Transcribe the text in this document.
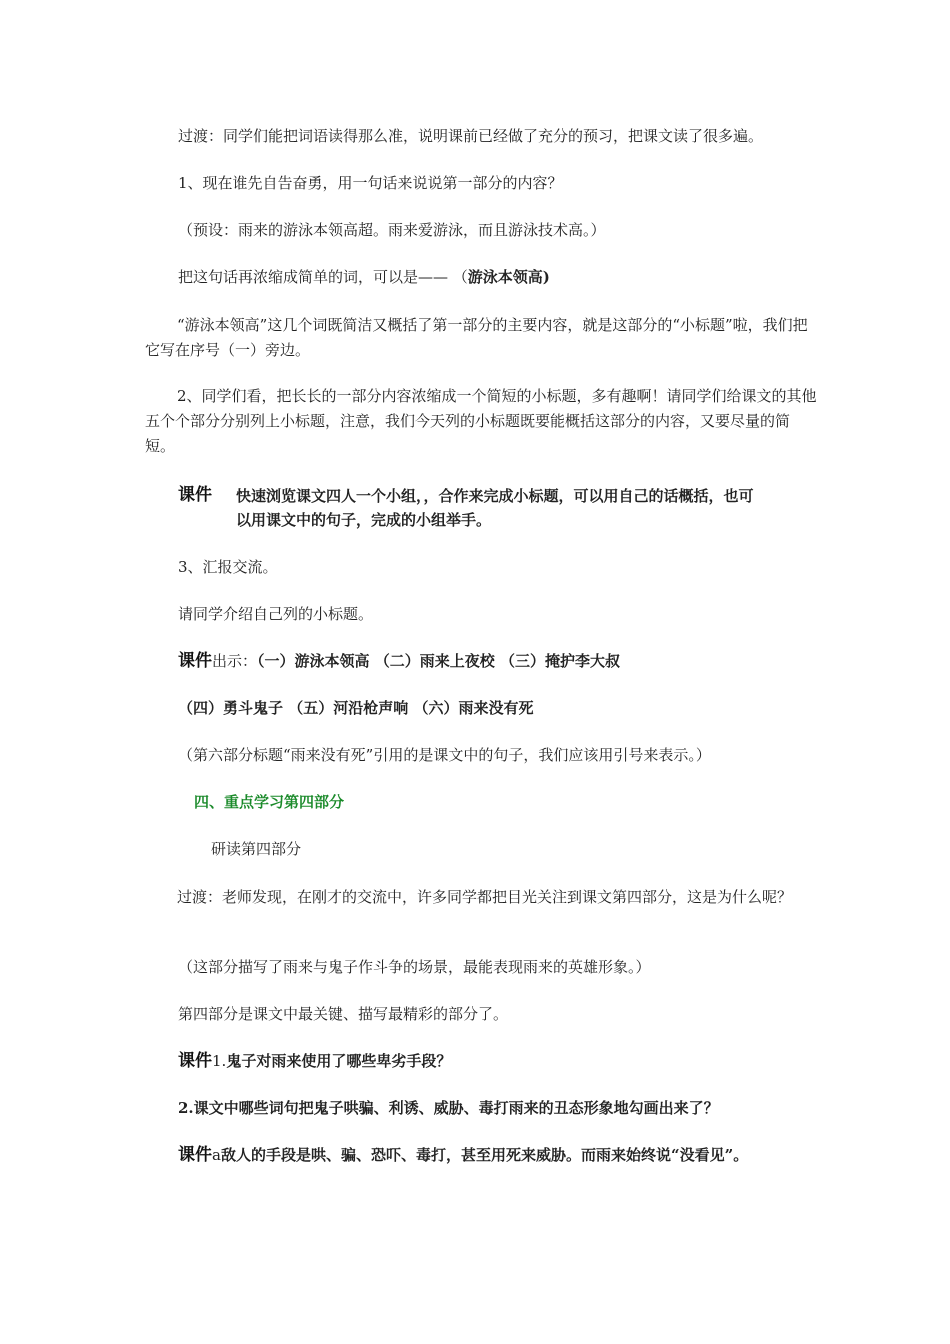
过渡：同学们能把词语读得那么准，说明课前已经做了充分的预习，把课文读了很多遍。
1、现在谁先自告奋勇，用一句话来说说第一部分的内容？
（预设：雨来的游泳本领高超。雨来爱游泳，而且游泳技术高。）
把这句话再浓缩成简单的词，可以是—— （游泳本领高)
“游泳本领高”这几个词既简洁又概括了第一部分的主要内容，就是这部分的“小标题”啦，我们把它写在序号（一）旁边。
2、同学们看，把长长的一部分内容浓缩成一个简短的小标题，多有趣啊！请同学们给课文的其他五个个部分分别列上小标题，注意，我们今天列的小标题既要能概括这部分的内容，又要尽量的简短。
课件 快速浏览课文四人一个小组，，合作来完成小标题，可以用自己的话概括，也可
以用课文中的句子，完成的小组举手。
3、汇报交流。
请同学介绍自己列的小标题。
课件出示：（一）游泳本领高 （二）雨来上夜校 （三）掩护李大叔
（四）勇斗鬼子 （五）河沿枪声响 （六）雨来没有死
（第六部分标题“雨来没有死”引用的是课文中的句子，我们应该用引号来表示。）
四、重点学习第四部分
研读第四部分
过渡：老师发现，在刚才的交流中，许多同学都把目光关注到课文第四部分，这是为什么呢？
（这部分描写了雨来与鬼子作斗争的场景，最能表现雨来的英雄形象。）
第四部分是课文中最关键、描写最精彩的部分了。
课件1.鬼子对雨来使用了哪些卑劣手段？
2.课文中哪些词句把鬼子哄骗、利诱、威胁、毒打雨来的丑态形象地勾画出来了？
课件a敌人的手段是哄、骗、恐吓、毒打，甚至用死来威胁。而雨来始终说“没看见”。
